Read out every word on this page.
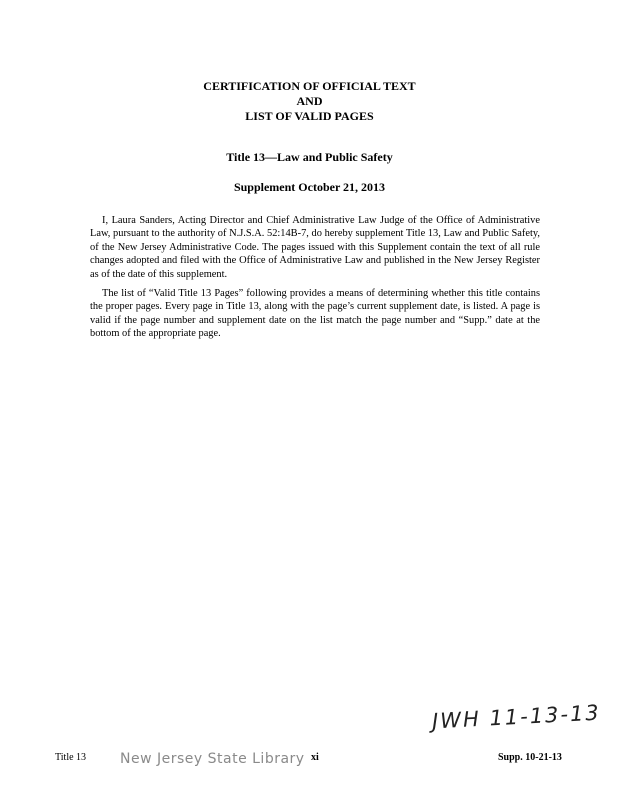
CERTIFICATION OF OFFICIAL TEXT
AND
LIST OF VALID PAGES
Title 13—Law and Public Safety
Supplement October 21, 2013

I, Laura Sanders, Acting Director and Chief Administrative Law Judge of the Office of Administrative Law, pursuant to the authority of N.J.S.A. 52:14B-7, do hereby supplement Title 13, Law and Public Safety, of the New Jersey Administrative Code. The pages issued with this Supplement contain the text of all rule changes adopted and filed with the Office of Administrative Law and published in the New Jersey Register as of the date of this supplement.

The list of “Valid Title 13 Pages” following provides a means of determining whether this title contains the proper pages. Every page in Title 13, along with the page’s current supplement date, is listed. A page is valid if the page number and supplement date on the list match the page number and “Supp.” date at the bottom of the appropriate page.

JWH 11-13-13
Title 13 New Jersey State Library xi	Supp. 10-21-13
